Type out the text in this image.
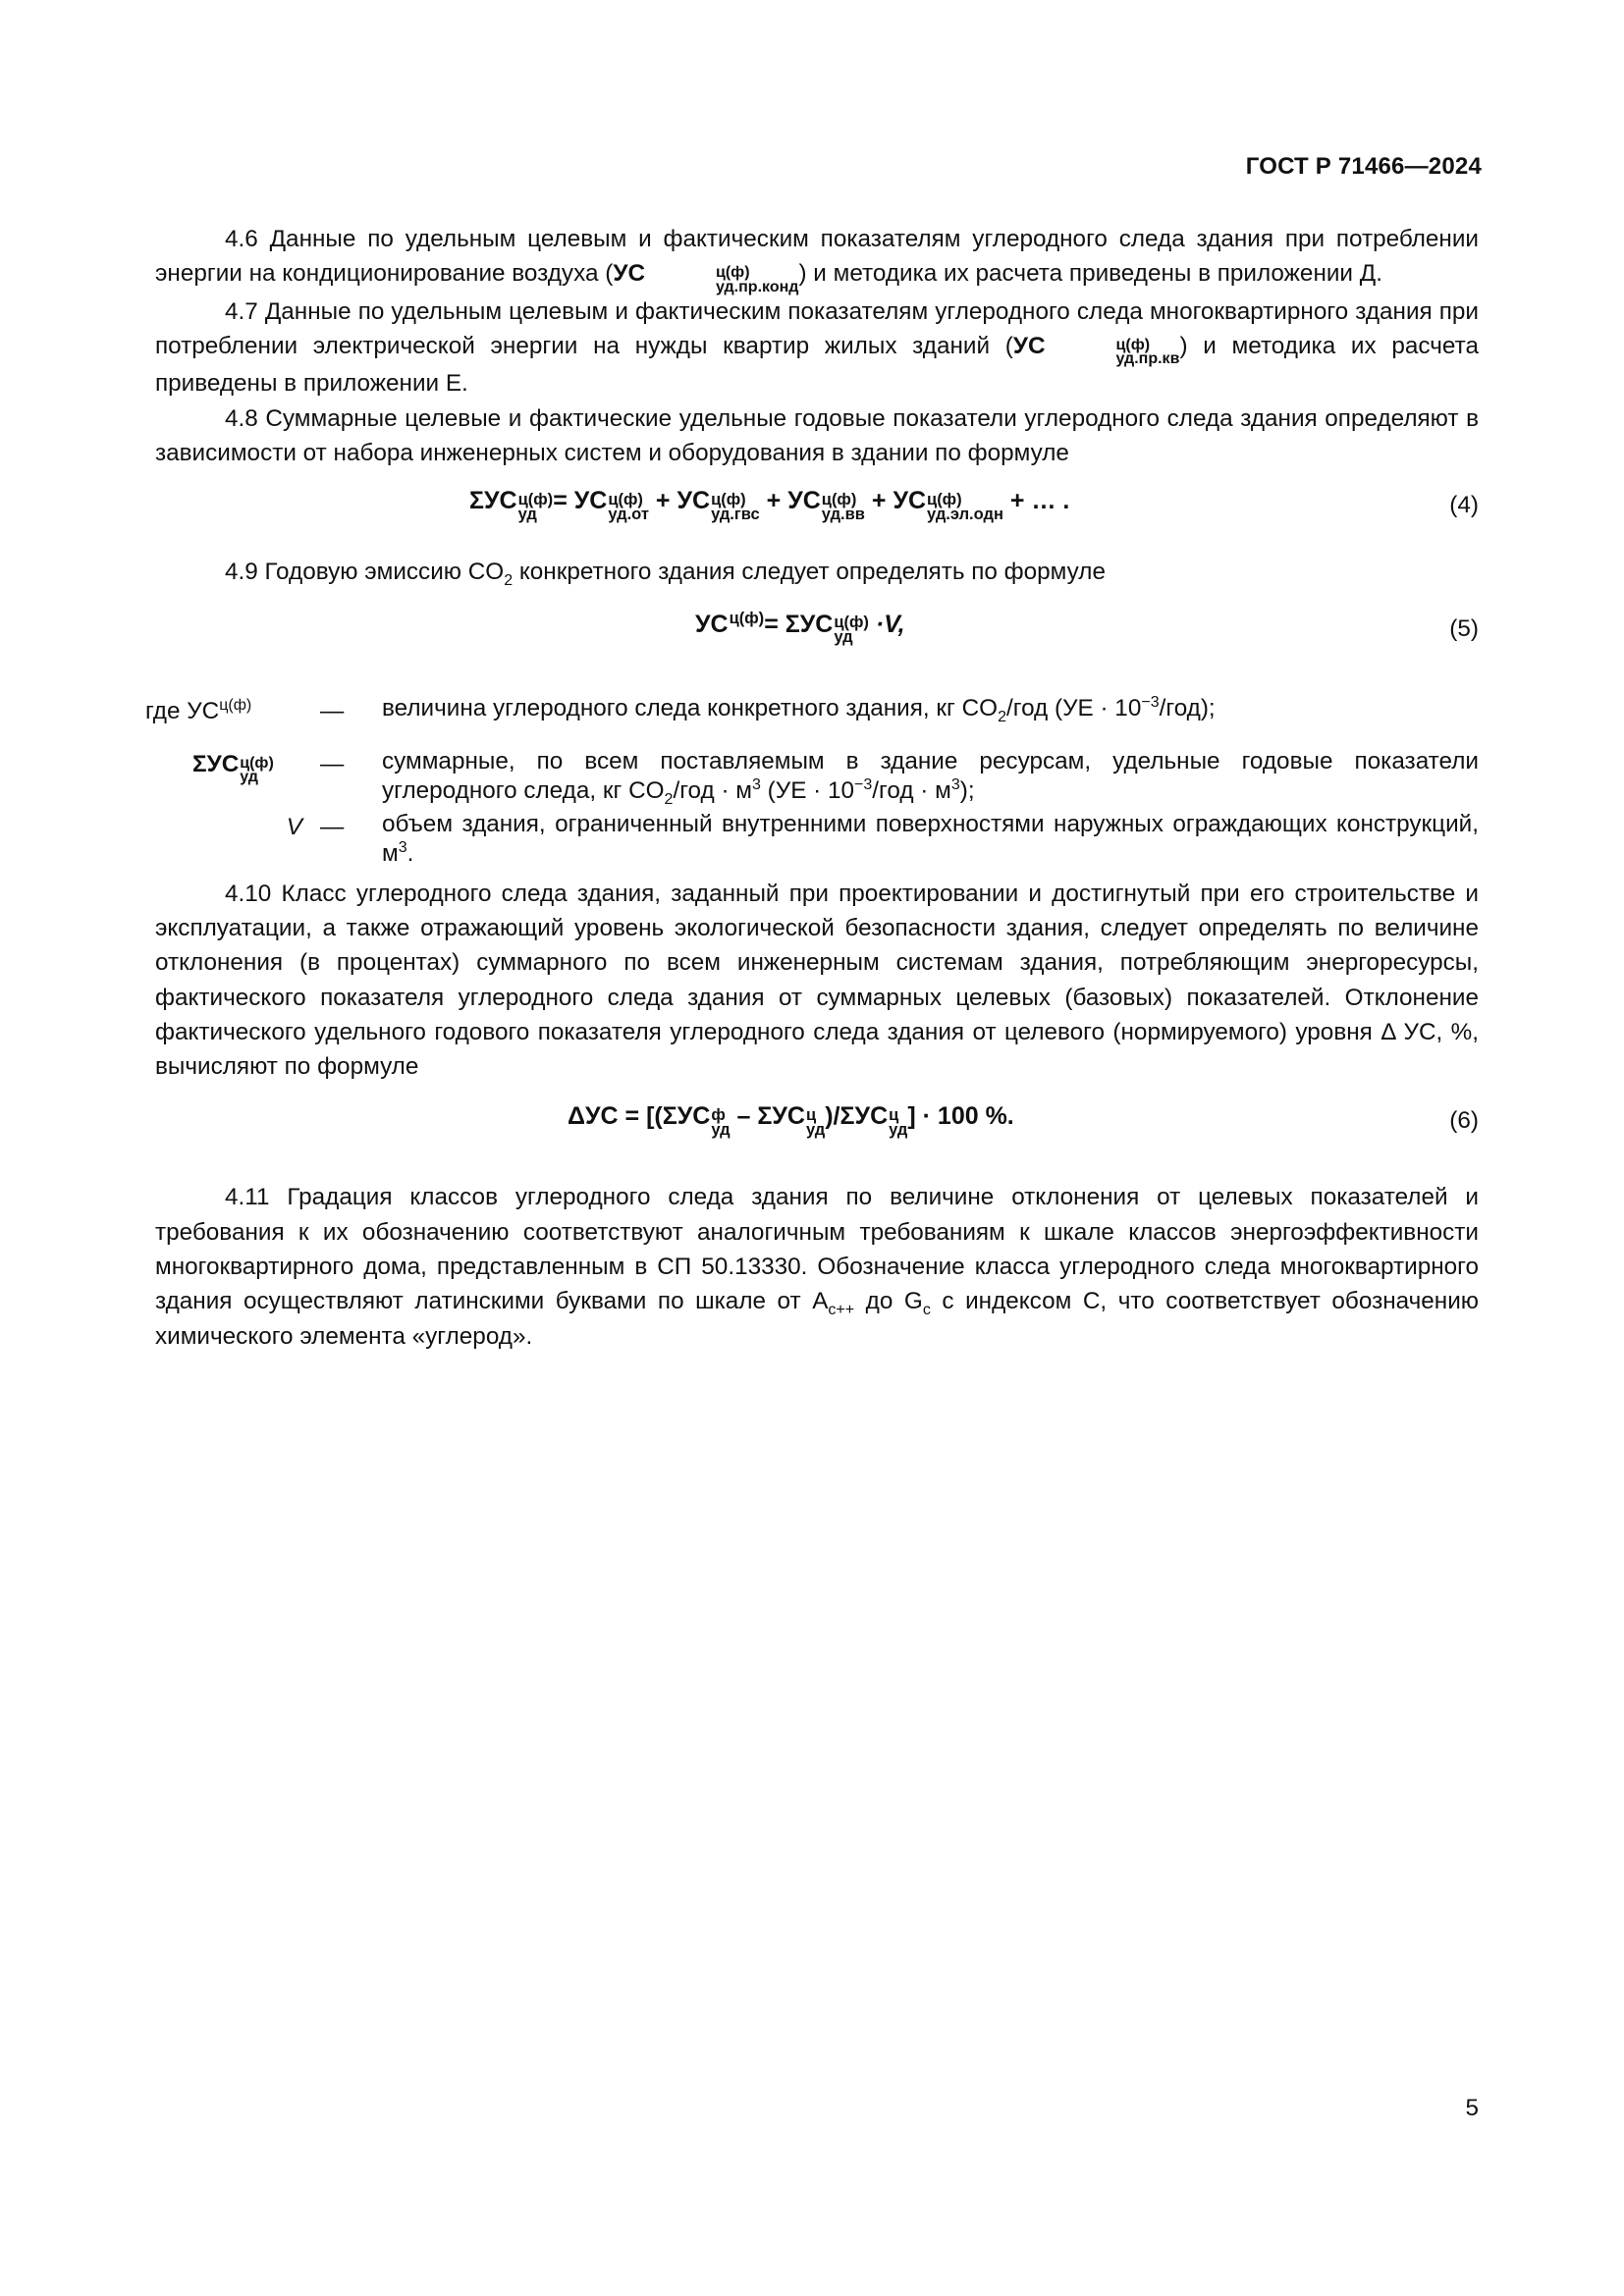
ГОСТ Р 71466—2024

4.6 Данные по удельным целевым и фактическим показателям углеродного следа здания при потреблении энергии на кондиционирование воздуха (УС	ц(ф)
уд.пр.конд ) и методика их расчета приведены в приложении Д.

4.7 Данные по удельным целевым и фактическим показателям углеродного следа многоквартирного здания при потреблении электрической энергии на нужды квартир жилых зданий (УС	ц(ф)
уд.пр.кв ) и методика их расчета приведены в приложении Е.

4.8 Суммарные целевые и фактические удельные годовые показатели углеродного следа здания определяют в зависимости от набора инженерных систем и оборудования в здании по формуле

ΣУС ц(ф)
уд = УС ц(ф)
уд.от + УС ц(ф)
уд.гвс + УС ц(ф)
уд.вв + УС ц(ф)
уд.эл.одн + … .	(4)

4.9 Годовую эмиссию $CO_2$ конкретного здания следует определять по формуле

УС ц(ф) = ΣУС ц(ф)
уд ·V,	(5)
где $УС^{ц(ф)}$	— величина углеродного следа конкретного здания, кг $CO_2$/год $(УЕ \cdot 10^{-3}/год)$;
ΣУС ц(ф)
уд	— суммарные, по всем поставляемым в здание ресурсам, удельные годовые показатели углеродного следа, кг $CO_2$/год · $м^3$ ($УЕ \cdot 10^{-3}$/год · $м^3$);
V — объем здания, ограниченный внутренними поверхностями наружных ограждающих конструкций, $м^3$.

4.10 Класс углеродного следа здания, заданный при проектировании и достигнутый при его строительстве и эксплуатации, а также отражающий уровень экологической безопасности здания, следует определять по величине отклонения (в процентах) суммарного по всем инженерным системам здания, потребляющим энергоресурсы, фактического показателя углеродного следа здания от суммарных целевых (базовых) показателей. Отклонение фактического удельного годового показателя углеродного следа здания от целевого (нормируемого) уровня Δ УС, %, вычисляют по формуле

ΔУС = [(ΣУС ф
уд – ΣУС ц
уд )/ΣУС ц
уд ] · 100 %.	(6)

4.11 Градация классов углеродного следа здания по величине отклонения от целевых показателей и требования к их обозначению соответствуют аналогичным требованиям к шкале классов энергоэффективности многоквартирного дома, представленным в СП 50.13330. Обозначение класса углеродного следа многоквартирного здания осуществляют латинскими буквами по шкале от $A_{c++}$ до $G_c$ с индексом С, что соответствует обозначению химического элемента «углерод».

5
